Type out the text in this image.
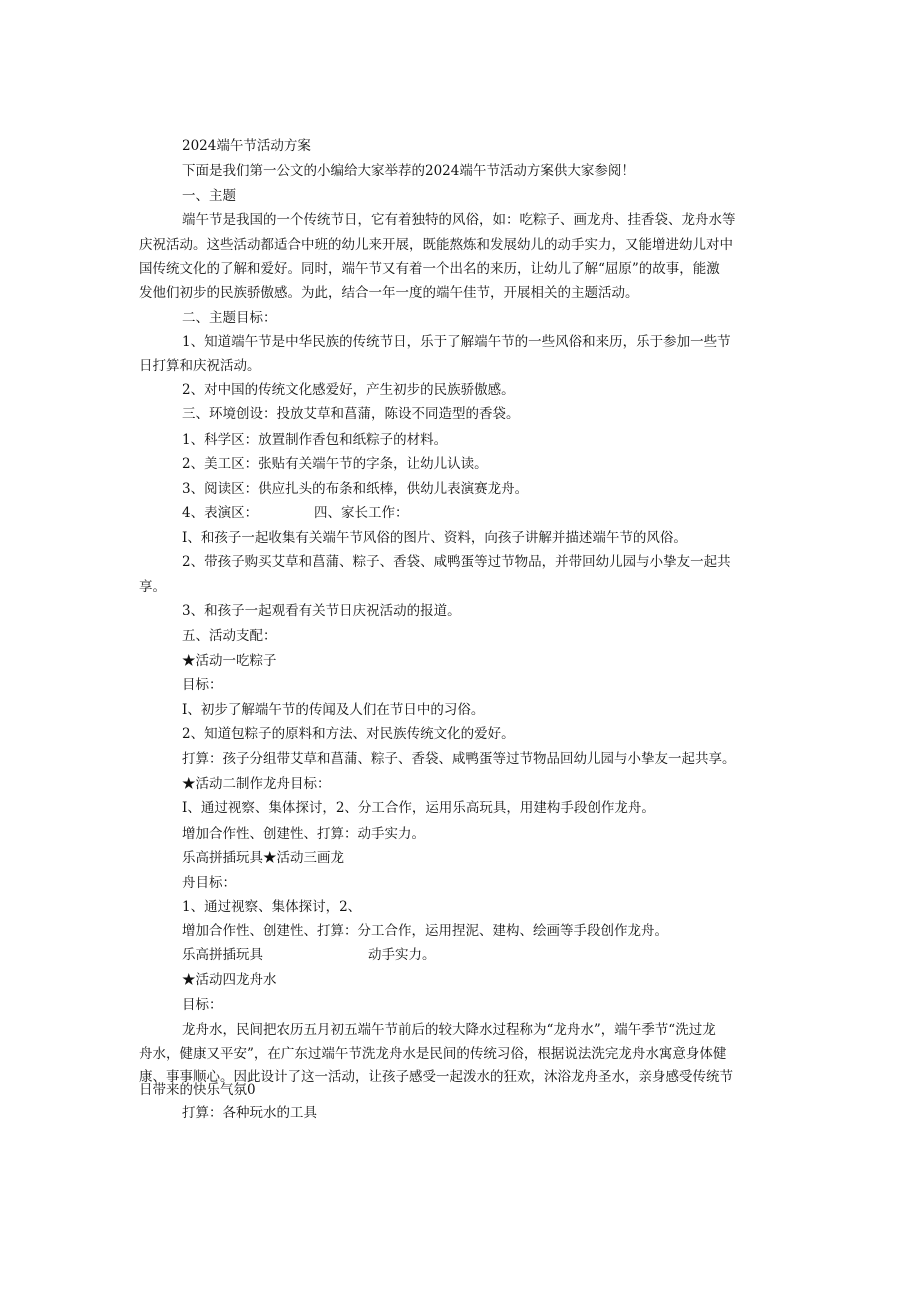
2024端午节活动方案
下面是我们第一公文的小编给大家举荐的2024端午节活动方案供大家参阅！
一、主题
端午节是我国的一个传统节日，它有着独特的风俗，如：吃粽子、画龙舟、挂香袋、龙舟水等
庆祝活动。这些活动都适合中班的幼儿来开展，既能熬炼和发展幼儿的动手实力，又能增进幼儿对中
国传统文化的了解和爱好。同时，端午节又有着一个出名的来历，让幼儿了解“屈原”的故事，能激
发他们初步的民族骄傲感。为此，结合一年一度的端午佳节，开展相关的主题活动。
二、主题目标：
1、知道端午节是中华民族的传统节日，乐于了解端午节的一些风俗和来历，乐于参加一些节
日打算和庆祝活动。
2、对中国的传统文化感爱好，产生初步的民族骄傲感。
三、环境创设：投放艾草和菖蒲，陈设不同造型的香袋。
1、科学区：放置制作香包和纸粽子的材料。
2、美工区：张贴有关端午节的字条，让幼儿认读。
3、阅读区：供应扎头的布条和纸棒，供幼儿表演赛龙舟。
4、表演区：	四、家长工作：
I、和孩子一起收集有关端午节风俗的图片、资料，向孩子讲解并描述端午节的风俗。
2、带孩子购买艾草和菖蒲、粽子、香袋、咸鸭蛋等过节物品，并带回幼儿园与小挚友一起共
享。
3、和孩子一起观看有关节日庆祝活动的报道。
五、活动支配：
★活动一吃粽子
目标：
I、初步了解端午节的传闻及人们在节日中的习俗。
2、知道包粽子的原料和方法、对民族传统文化的爱好。
打算：孩子分组带艾草和菖蒲、粽子、香袋、咸鸭蛋等过节物品回幼儿园与小挚友一起共享。
★活动二制作龙舟目标：
I、通过视察、集体探讨，2、分工合作，运用乐高玩具，用建构手段创作龙舟。
增加合作性、创建性、打算：动手实力。
乐高拼插玩具★活动三画龙
舟目标：
1、通过视察、集体探讨，2、
增加合作性、创建性、打算：分工合作，运用捏泥、建构、绘画等手段创作龙舟。
乐高拼插玩具	动手实力。
★活动四龙舟水
目标：
龙舟水，民间把农历五月初五端午节前后的较大降水过程称为“龙舟水”，端午季节“洗过龙
舟水，健康又平安”，在广东过端午节洗龙舟水是民间的传统习俗，根据说法洗完龙舟水寓意身体健
康、事事顺心。因此设计了这一活动，让孩子感受一起泼水的狂欢，沐浴龙舟圣水，亲身感受传统节
日带来的快乐气氛0
打算：各种玩水的工具
